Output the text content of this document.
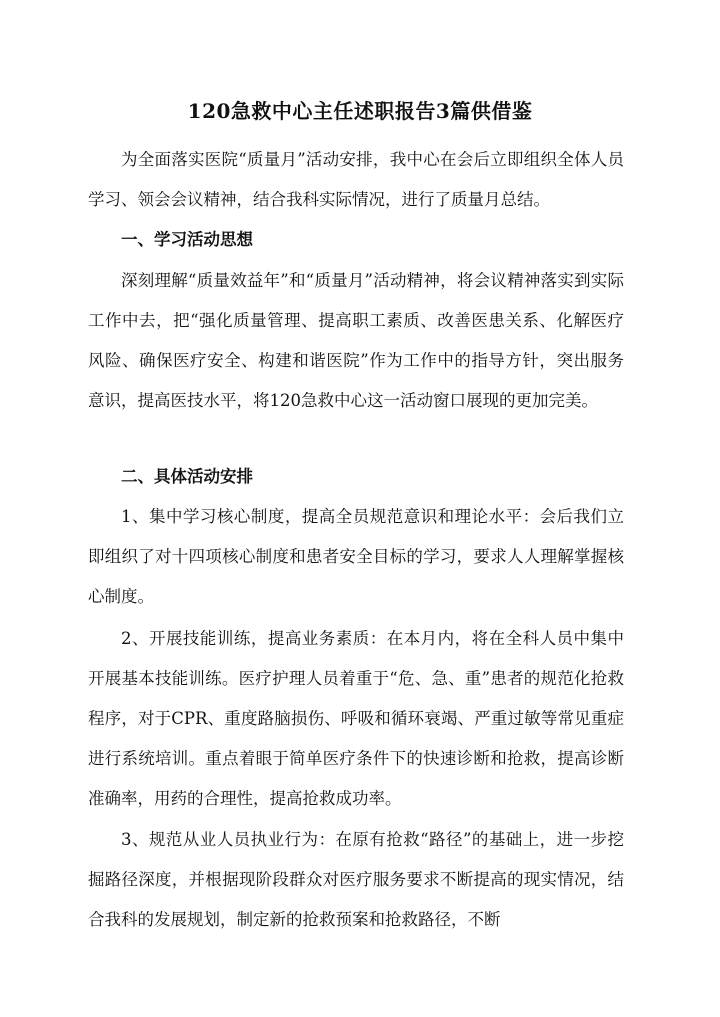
120急救中心主任述职报告3篇供借鉴

为全面落实医院“质量月”活动安排，我中心在会后立即组织全体人员学习、领会会议精神，结合我科实际情况，进行了质量月总结。

一、学习活动思想

深刻理解“质量效益年”和“质量月”活动精神，将会议精神落实到实际工作中去，把“强化质量管理、提高职工素质、改善医患关系、化解医疗风险、确保医疗安全、构建和谐医院”作为工作中的指导方针，突出服务意识，提高医技水平，将120急救中心这一活动窗口展现的更加完美。

二、具体活动安排

1、集中学习核心制度，提高全员规范意识和理论水平：会后我们立即组织了对十四项核心制度和患者安全目标的学习，要求人人理解掌握核心制度。

2、开展技能训练，提高业务素质：在本月内，将在全科人员中集中开展基本技能训练。医疗护理人员着重于“危、急、重”患者的规范化抢救程序，对于CPR、重度路脑损伤、呼吸和循环衰竭、严重过敏等常见重症进行系统培训。重点着眼于简单医疗条件下的快速诊断和抢救，提高诊断准确率，用药的合理性，提高抢救成功率。

3、规范从业人员执业行为：在原有抢救“路径”的基础上，进一步挖掘路径深度，并根据现阶段群众对医疗服务要求不断提高的现实情况，结合我科的发展规划，制定新的抢救预案和抢救路径，不断
